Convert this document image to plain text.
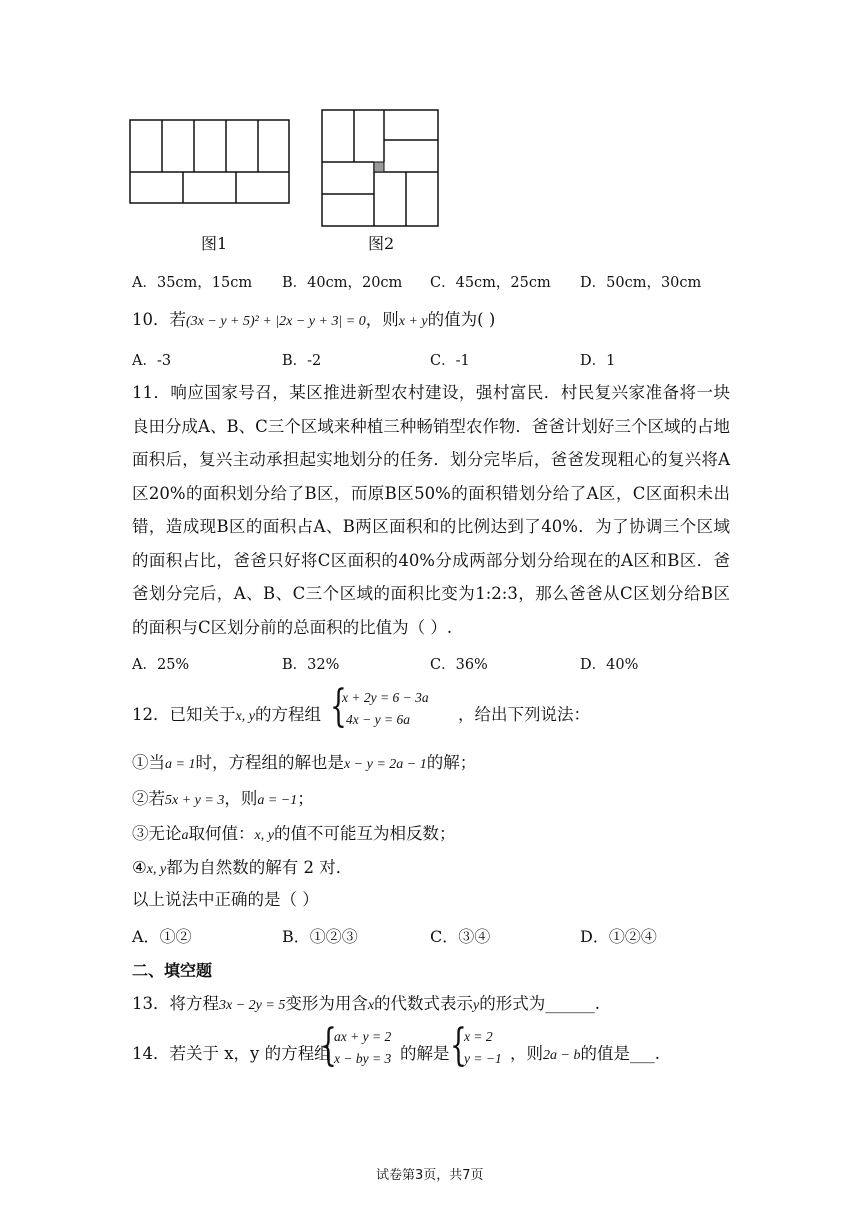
图1	图2
A．35cm，15cm B．40cm，20cm C．45cm，25cm D．50cm，30cm
10．若(3x − y + 5)² + |2x − y + 3| = 0，则x + y的值为( )
A．-3	B．-2	C．-1	D．1
11．响应国家号召，某区推进新型农村建设，强村富民．村民复兴家准备将一块良田分成A、B、C三个区域来种植三种畅销型农作物．爸爸计划好三个区域的占地面积后，复兴主动承担起实地划分的任务．划分完毕后，爸爸发现粗心的复兴将A区20%的面积划分给了B区，而原B区50%的面积错划分给了A区，C区面积未出错，造成现B区的面积占A、B两区面积和的比例达到了40%．为了协调三个区域的面积占比，爸爸只好将C区面积的40%分成两部分划分给现在的A区和B区．爸爸划分完后，A、B、C三个区域的面积比变为1:2:3，那么爸爸从C区划分给B区的面积与C区划分前的总面积的比值为（ ）.
A．25%	B．32%	C．36%	D．40%
12．已知关于x, y的方程组 {
x + 2y = 6 − 3a
4x − y = 6a	，给出下列说法：
①当a = 1时，方程组的解也是x − y = 2a − 1的解；
②若5x + y = 3，则a = −1；
③无论a取何值：x, y的值不可能互为相反数；
④x, y都为自然数的解有 2 对．
以上说法中正确的是（ ）
A．①②	B．①②③	C．③④	D．①②④
二、填空题
13．将方程3x − 2y = 5变形为用含x的代数式表示y的形式为______.
14．若关于 x，y 的方程组
{
ax + y = 2
x − by = 3 的解是 {
x = 2
y = −1 ，则2a − b的值是___.
试卷第3页，共7页
